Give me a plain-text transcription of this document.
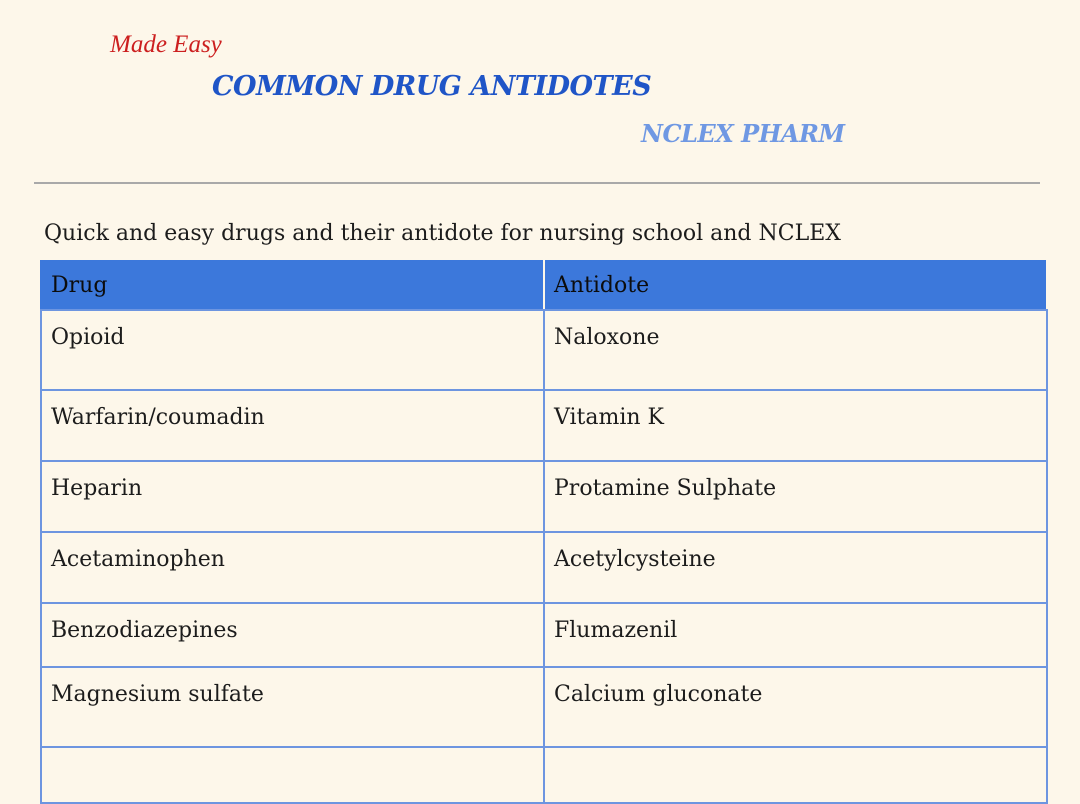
Made Easy
COMMON DRUG ANTIDOTES
NCLEX PHARM
Quick and easy drugs and their antidote for nursing school and NCLEX
Drug	Antidote
Opioid	Naloxone
Warfarin/coumadin	Vitamin K
Heparin	Protamine Sulphate
Acetaminophen	Acetylcysteine
Benzodiazepines	Flumazenil
Magnesium sulfate	Calcium gluconate
